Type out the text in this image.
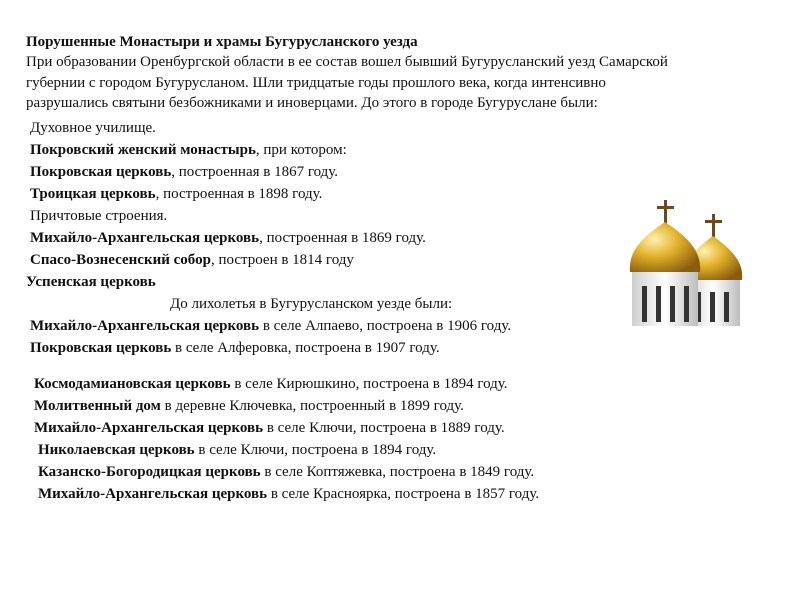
Порушенные Монастыри и храмы Бугурусланского уезда
При образовании Оренбургской области в ее состав вошел бывший Бугурусланский уезд Самарской
губернии с городом Бугурусланом. Шли тридцатые годы прошлого века, когда интенсивно
разрушались святыни безбожниками и иноверцами. До этого в городе Бугуруслане были:
Духовное училище.
Покровский женский монастырь, при котором:
Покровская церковь, построенная в 1867 году.
Троицкая церковь, построенная в 1898 году.
Причтовые строения.
Михайло-Архангельская церковь, построенная в 1869 году.
Спасо-Вознесенский собор, построен в 1814 году
Успенская церковь
До лихолетья в Бугурусланском уезде были:
Михайло-Архангельская церковь в селе Алпаево, построена в 1906 году.
Покровская церковь в селе Алферовка, построена в 1907 году.
Космодамиановская церковь в селе Кирюшкино, построена в 1894 году.
Молитвенный дом в деревне Ключевка, построенный в 1899 году.
Михайло-Архангельская церковь в селе Ключи, построена в 1889 году.
Николаевская церковь в селе Ключи, построена в 1894 году.
Казанско-Богородицкая церковь в селе Коптяжевка, построена в 1849 году.
Михайло-Архангельская церковь в селе Красноярка, построена в 1857 году.
